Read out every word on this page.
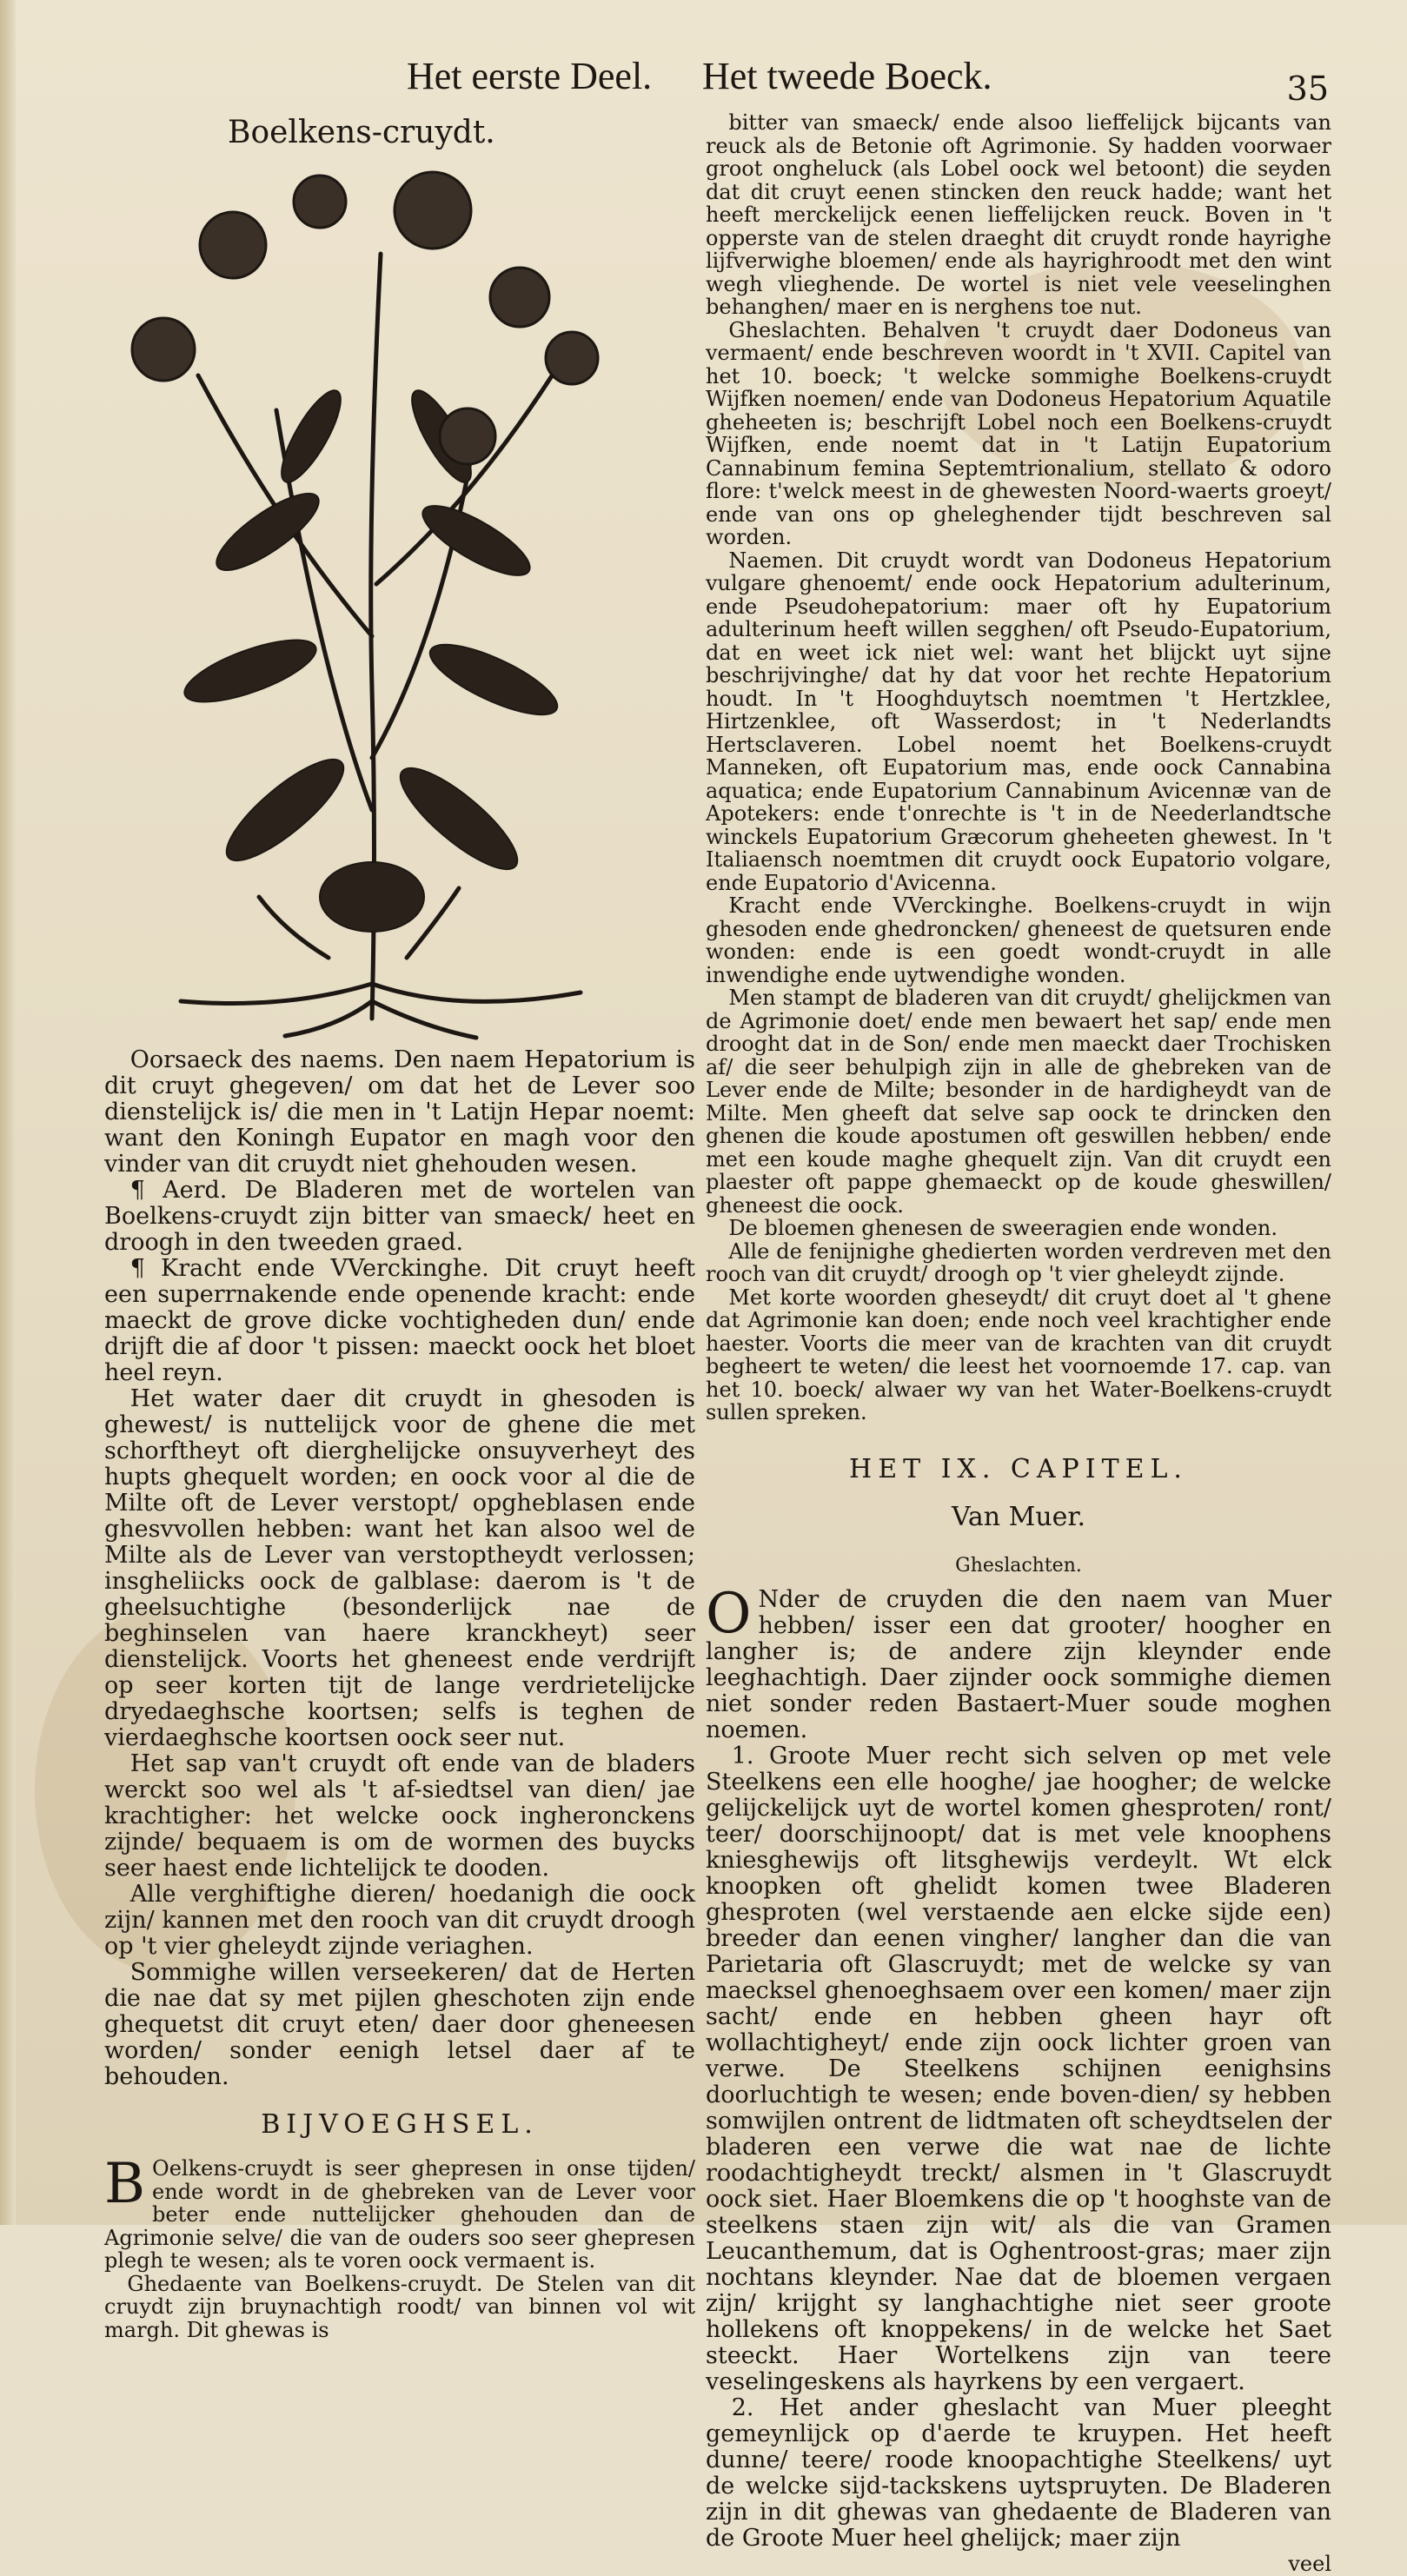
Het eerste Deel. Het tweede Boeck.	35
Boelkens-cruydt.

Oorsaeck des naems. Den naem Hepatorium is dit cruyt ghegeven/ om dat het de Lever soo dienstelijck is/ die men in 't Latijn Hepar noemt: want den Koningh Eupator en magh voor den vinder van dit cruydt niet ghehouden wesen.

¶ Aerd. De Bladeren met de wortelen van Boelkens-cruydt zijn bitter van smaeck/ heet en droogh in den tweeden graed.

¶ Kracht ende VVerckinghe. Dit cruyt heeft een superrnakende ende openende kracht: ende maeckt de grove dicke vochtigheden dun/ ende drijft die af door 't pissen: maeckt oock het bloet heel reyn.

Het water daer dit cruydt in ghesoden is ghewest/ is nuttelijck voor de ghene die met schorftheyt oft dierghelijcke onsuyverheyt des hupts ghequelt worden; en oock voor al die de Milte oft de Lever verstopt/ opgheblasen ende ghesvvollen hebben: want het kan alsoo wel de Milte als de Lever van verstoptheydt verlossen; insgheliicks oock de galblase: daerom is 't de gheelsuchtighe (besonderlijck nae de beghinselen van haere kranckheyt) seer dienstelijck. Voorts het gheneest ende verdrijft op seer korten tijt de lange verdrietelijcke dryedaeghsche koortsen; selfs is teghen de vierdaeghsche koortsen oock seer nut.

Het sap van't cruydt oft ende van de bladers werckt soo wel als 't af-siedtsel van dien/ jae krachtigher: het welcke oock ingheronckens zijnde/ bequaem is om de wormen des buycks seer haest ende lichtelijck te dooden.

Alle verghiftighe dieren/ hoedanigh die oock zijn/ kannen met den rooch van dit cruydt droogh op 't vier gheleydt zijnde veriaghen.

Sommighe willen verseekeren/ dat de Herten die nae dat sy met pijlen gheschoten zijn ende ghequetst dit cruyt eten/ daer door gheneesen worden/ sonder eenigh letsel daer af te behouden.

BIJVOEGHSEL.

B Oelkens-cruydt is seer ghepresen in onse tijden/ ende wordt in de ghebreken van de Lever voor beter ende nuttelijcker ghehouden dan de Agrimonie selve/ die van de ouders soo seer ghepresen plegh te wesen; als te voren oock vermaent is.

Ghedaente van Boelkens-cruydt. De Stelen van dit cruydt zijn bruynachtigh roodt/ van binnen vol wit margh. Dit ghewas is

bitter van smaeck/ ende alsoo lieffelijck bijcants van reuck als de Betonie oft Agrimonie. Sy hadden voorwaer groot ongheluck (als Lobel oock wel betoont) die seyden dat dit cruyt eenen stincken den reuck hadde; want het heeft merckelijck eenen lieffelijcken reuck. Boven in 't opperste van de stelen draeght dit cruydt ronde hayrighe lijfverwighe bloemen/ ende als hayrighroodt met den wint wegh vlieghende. De wortel is niet vele veeselinghen behanghen/ maer en is nerghens toe nut.

Gheslachten. Behalven 't cruydt daer Dodoneus van vermaent/ ende beschreven woordt in 't XVII. Capitel van het 10. boeck; 't welcke sommighe Boelkens-cruydt Wijfken noemen/ ende van Dodoneus Hepatorium Aquatile gheheeten is; beschrijft Lobel noch een Boelkens-cruydt Wijfken, ende noemt dat in 't Latijn Eupatorium Cannabinum femina Septemtrionalium, stellato & odoro flore: t'welck meest in de ghewesten Noord-waerts groeyt/ ende van ons op gheleghender tijdt beschreven sal worden.

Naemen. Dit cruydt wordt van Dodoneus Hepatorium vulgare ghenoemt/ ende oock Hepatorium adulterinum, ende Pseudohepatorium: maer oft hy Eupatorium adulterinum heeft willen segghen/ oft Pseudo-Eupatorium, dat en weet ick niet wel: want het blijckt uyt sijne beschrijvinghe/ dat hy dat voor het rechte Hepatorium houdt. In 't Hooghduytsch noemtmen 't Hertzklee, Hirtzenklee, oft Wasserdost; in 't Nederlandts Hertsclaveren. Lobel noemt het Boelkens-cruydt Manneken, oft Eupatorium mas, ende oock Cannabina aquatica; ende Eupatorium Cannabinum Avicennæ van de Apotekers: ende t'onrechte is 't in de Neederlandtsche winckels Eupatorium Græcorum gheheeten ghewest. In 't Italiaensch noemtmen dit cruydt oock Eupatorio volgare, ende Eupatorio d'Avicenna.

Kracht ende VVerckinghe. Boelkens-cruydt in wijn ghesoden ende ghedroncken/ gheneest de quetsuren ende wonden: ende is een goedt wondt-cruydt in alle inwendighe ende uytwendighe wonden.

Men stampt de bladeren van dit cruydt/ ghelijckmen van de Agrimonie doet/ ende men bewaert het sap/ ende men drooght dat in de Son/ ende men maeckt daer Trochisken af/ die seer behulpigh zijn in alle de ghebreken van de Lever ende de Milte; besonder in de hardigheydt van de Milte. Men gheeft dat selve sap oock te drincken den ghenen die koude apostumen oft geswillen hebben/ ende met een koude maghe ghequelt zijn. Van dit cruydt een plaester oft pappe ghemaeckt op de koude gheswillen/ gheneest die oock.

De bloemen ghenesen de sweeragien ende wonden.

Alle de fenijnighe ghedierten worden verdreven met den rooch van dit cruydt/ droogh op 't vier gheleydt zijnde.

Met korte woorden gheseydt/ dit cruyt doet al 't ghene dat Agrimonie kan doen; ende noch veel krachtigher ende haester. Voorts die meer van de krachten van dit cruydt begheert te weten/ die leest het voornoemde 17. cap. van het 10. boeck/ alwaer wy van het Water-Boelkens-cruydt sullen spreken.

HET IX. CAPITEL.
Van Muer.
Gheslachten.

O Nder de cruyden die den naem van Muer hebben/ isser een dat grooter/ hoogher en langher is; de andere zijn kleynder ende leeghachtigh. Daer zijnder oock sommighe diemen niet sonder reden Bastaert-Muer soude moghen noemen.

1. Groote Muer recht sich selven op met vele Steelkens een elle hooghe/ jae hoogher; de welcke gelijckelijck uyt de wortel komen ghesproten/ ront/ teer/ doorschijnoopt/ dat is met vele knoophens kniesghewijs oft litsghewijs verdeylt. Wt elck knoopken oft ghelidt komen twee Bladeren ghesproten (wel verstaende aen elcke sijde een) breeder dan eenen vingher/ langher dan die van Parietaria oft Glascruydt; met de welcke sy van maecksel ghenoeghsaem over een komen/ maer zijn sacht/ ende en hebben gheen hayr oft wollachtigheyt/ ende zijn oock lichter groen van verwe. De Steelkens schijnen eenighsins doorluchtigh te wesen; ende boven-dien/ sy hebben somwijlen ontrent de lidtmaten oft scheydtselen der bladeren een verwe die wat nae de lichte roodachtigheydt treckt/ alsmen in 't Glascruydt oock siet. Haer Bloemkens die op 't hooghste van de steelkens staen zijn wit/ als die van Gramen Leucanthemum, dat is Oghentroost-gras; maer zijn nochtans kleynder. Nae dat de bloemen vergaen zijn/ krijght sy langhachtighe niet seer groote hollekens oft knoppekens/ in de welcke het Saet steeckt. Haer Wortelkens zijn van teere veselingeskens als hayrkens by een vergaert.

2. Het ander gheslacht van Muer pleeght gemeynlijck op d'aerde te kruypen. Het heeft dunne/ teere/ roode knoopachtighe Steelkens/ uyt de welcke sijd-tackskens uytspruyten. De Bladeren zijn in dit ghewas van ghedaente de Bladeren van de Groote Muer heel ghelijck; maer zijn

veel
